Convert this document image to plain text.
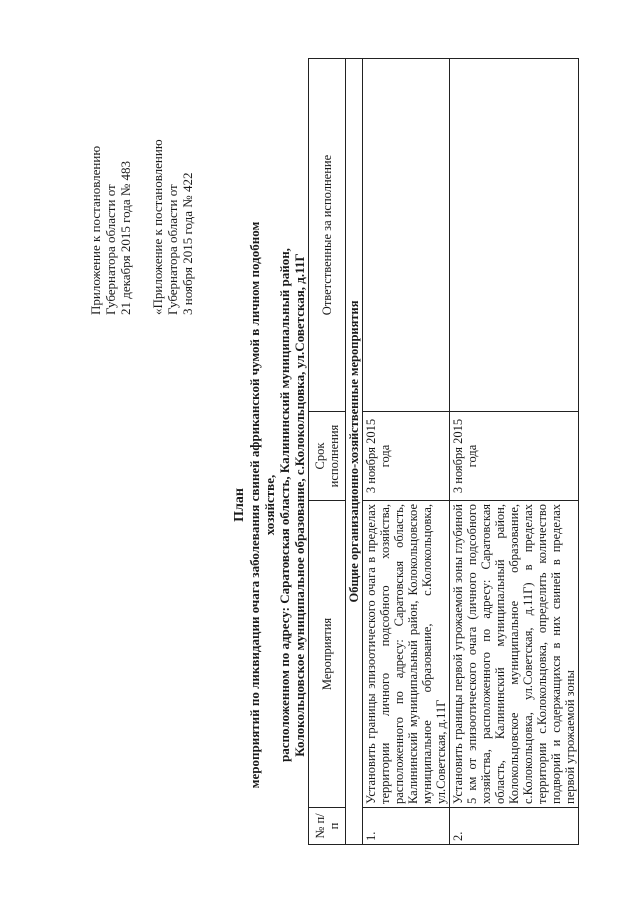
Приложение к постановлению Губернатора области от 21 декабря 2015 года № 483 «Приложение к постановлению Губернатора области от 3 ноября 2015 года № 422
План мероприятий по ликвидации очага заболевания свиней африканской чумой в личном подобном хозяйстве, расположенном по адресу: Саратовская область, Калининский муниципальный район, Колокольцовское муниципальное образование, с.Колокольцовка, ул.Советская, д.11Г
№ п/п	Мероприятия	Срок исполнения	Ответственные за исполнение
Общие организационно-хозяйственные мероприятия			
1.	Установить границы эпизоотического очага в пределах территории личного подсобного хозяйства, расположенного по адресу: Саратовская область, Калининский муниципальный район, Колокольцовское муниципальное образование, с.Колокольцовка, ул.Советская, д.11Г	3 ноября 2015 года	
2.	Установить границы первой угрожаемой зоны глубиной 5 км от эпизоотического очага (личного подсобного хозяйства, расположенного по адресу: Саратовская область, Калининский муниципальный район, Колокольцовское муниципальное образование, с.Колокольцовка, ул.Советская, д.11Г) в пределах территории с.Колокольцовка, определить количество подворий и содержащихся в них свиней в пределах первой угрожаемой зоны	3 ноября 2015 года	
